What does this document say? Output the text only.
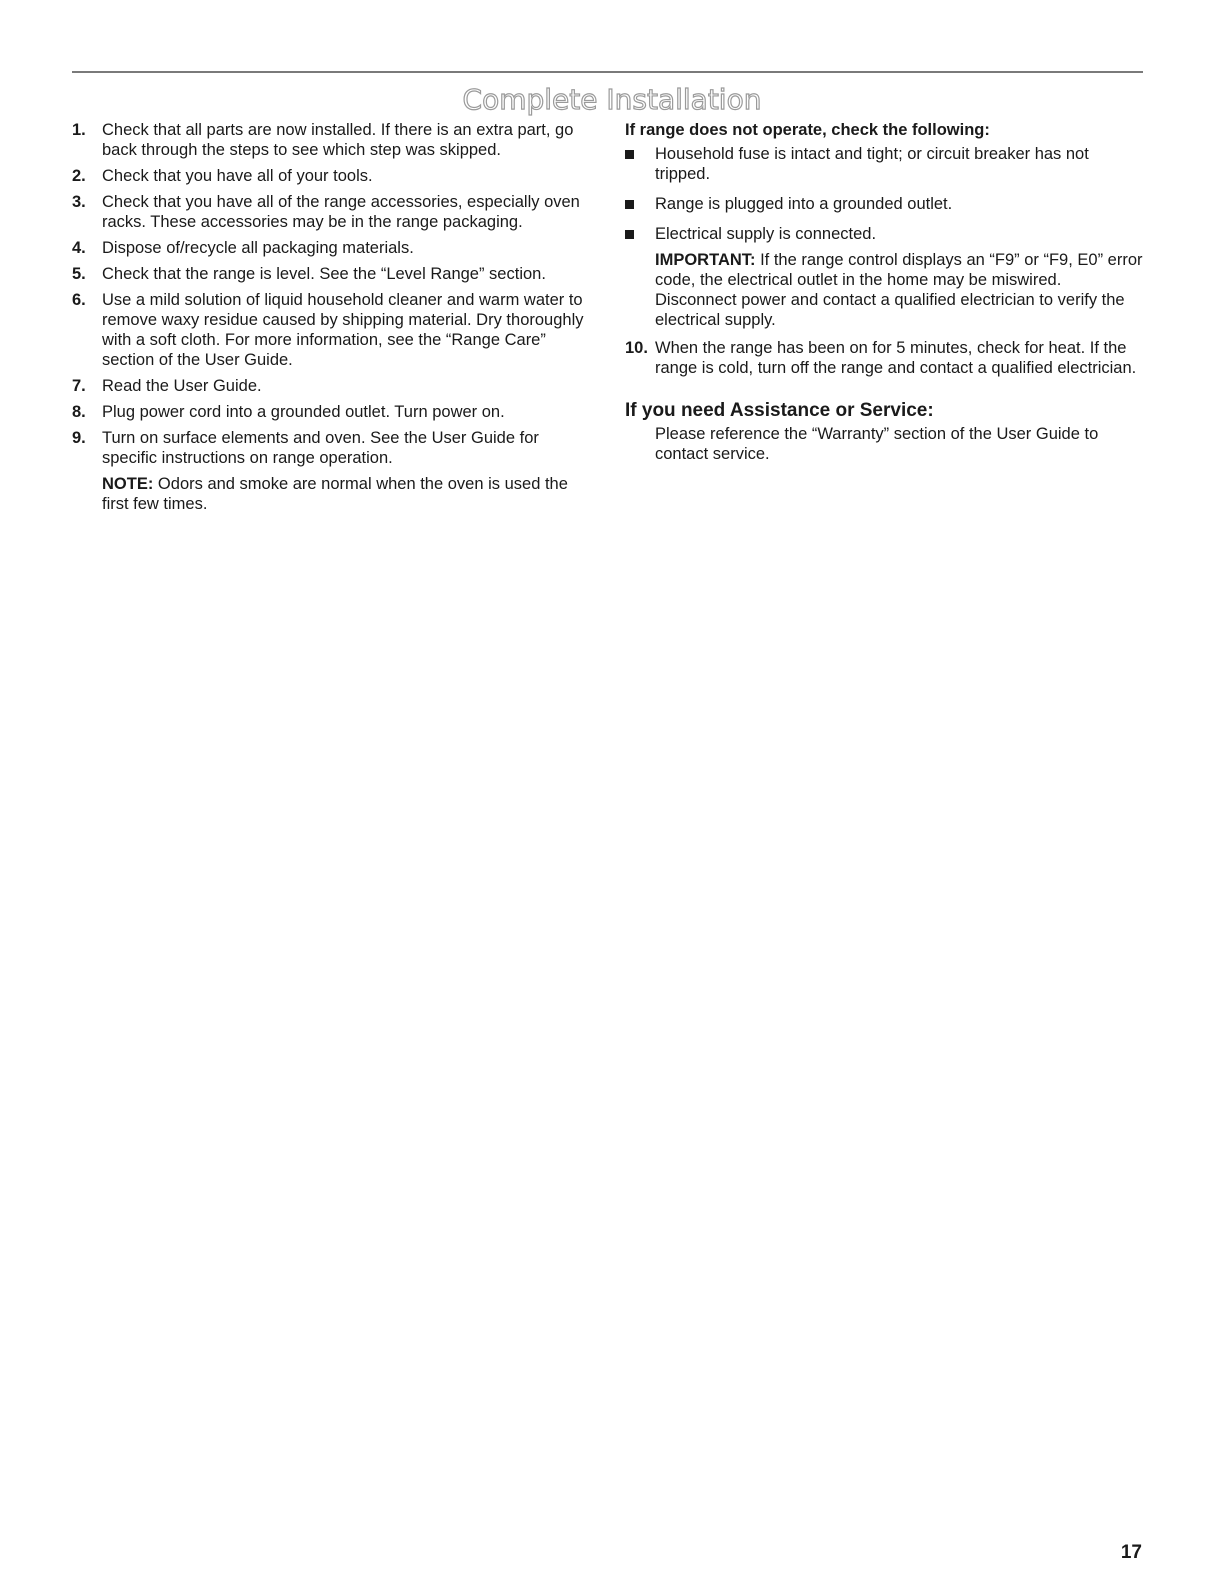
Complete Installation
1. Check that all parts are now installed. If there is an extra part, go back through the steps to see which step was skipped.
2. Check that you have all of your tools.
3. Check that you have all of the range accessories, especially oven racks. These accessories may be in the range packaging.
4. Dispose of/recycle all packaging materials.
5. Check that the range is level. See the “Level Range” section.
6. Use a mild solution of liquid household cleaner and warm water to remove waxy residue caused by shipping material. Dry thoroughly with a soft cloth. For more information, see the “Range Care” section of the User Guide.
7. Read the User Guide.
8. Plug power cord into a grounded outlet. Turn power on.
9. Turn on surface elements and oven. See the User Guide for specific instructions on range operation.

NOTE: Odors and smoke are normal when the oven is used the first few times.

If range does not operate, check the following:
Household fuse is intact and tight; or circuit breaker has not tripped.
Range is plugged into a grounded outlet.
Electrical supply is connected.

IMPORTANT: If the range control displays an “F9” or “F9, E0” error code, the electrical outlet in the home may be miswired. Disconnect power and contact a qualified electrician to verify the electrical supply.

10. When the range has been on for 5 minutes, check for heat. If the range is cold, turn off the range and contact a qualified electrician.
If you need Assistance or Service:

Please reference the “Warranty” section of the User Guide to contact service.

17
